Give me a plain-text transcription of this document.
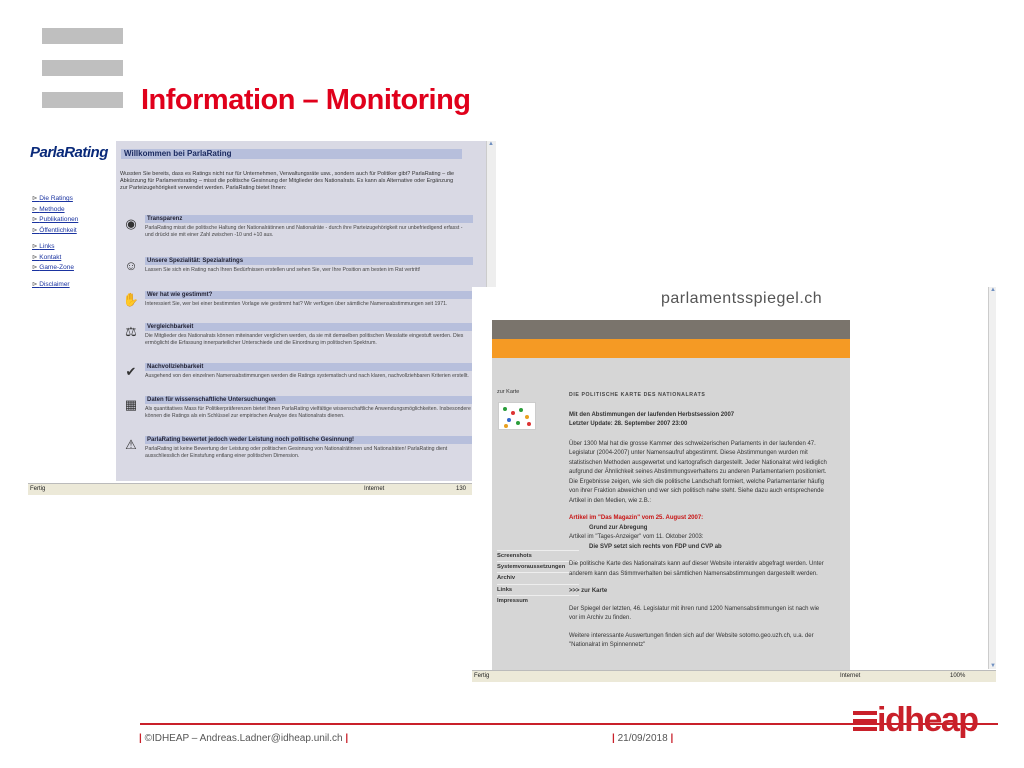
Information – Monitoring
ParlaRating
⊳ Die Ratings
⊳ Methode
⊳ Publikationen
⊳ Öffentlichkeit
⊳ Links
⊳ Kontakt
⊳ Game-Zone
⊳ Disclaimer
Willkommen bei ParlaRating
Wussten Sie bereits, dass es Ratings nicht nur für Unternehmen, Verwaltungsräte usw., sondern auch für Politiker gibt? ParlaRating – die Abkürzung für Parlamentsrating – misst die politische Gesinnung der Mitglieder des Nationalrats. Es kann als Alternative oder Ergänzung zur Parteizugehörigkeit verwendet werden. ParlaRating bietet Ihnen:
◉	Transparenz
ParlaRating misst die politische Haltung der Nationalrätinnen und Nationalräte - durch ihre Parteizugehörigkeit nur unbefriedigend erfasst - und drückt sie mit einer Zahl zwischen -10 und +10 aus.
☺	Unsere Spezialität: Spezialratings
Lassen Sie sich ein Rating nach Ihren Bedürfnissen erstellen und sehen Sie, wer Ihre Position am besten im Rat vertritt!
✋	Wer hat wie gestimmt?
Interessiert Sie, wer bei einer bestimmten Vorlage wie gestimmt hat? Wir verfügen über sämtliche Namensabstimmungen seit 1971.
⚖	Vergleichbarkeit
Die Mitglieder des Nationalrats können miteinander verglichen werden, da sie mit demselben politischen Messlatte eingestuft werden. Dies ermöglicht die Erfassung innerparteilicher Unterschiede und die Einordnung im politischen Spektrum.
✔	Nachvollziehbarkeit
Ausgehend von den einzelnen Namensabstimmungen werden die Ratings systematisch und nach klaren, nachvollziehbaren Kriterien erstellt.
▦	Daten für wissenschaftliche Untersuchungen
Als quantitatives Mass für Politikerpräferenzen bietet Ihnen ParlaRating vielfältige wissenschaftliche Anwendungsmöglichkeiten. Insbesondere können die Ratings als ein Schlüssel zur empirischen Analyse des Nationalrats dienen.
⚠	ParlaRating bewertet jedoch weder Leistung noch politische Gesinnung!
ParlaRating ist keine Bewertung der Leistung oder politischen Gesinnung von Nationalrätinnen und Nationalräten! ParlaRating dient ausschliesslich der Einstufung entlang einer politischen Dimension.
▲
Fertig	Internet	130
parlamentsspiegel.ch
zur Karte
Screenshots
Systemvoraussetzungen
Archiv
Links
Impressum

DIE POLITISCHE KARTE DES NATIONALRATS

Mit den Abstimmungen der laufenden Herbstsession 2007
Letzter Update: 28. September 2007 23:00

Über 1300 Mal hat die grosse Kammer des schweizerischen Parlaments in der laufenden 47. Legislatur (2004-2007) unter Namensaufruf abgestimmt. Diese Abstimmungen wurden mit statistischen Methoden ausgewertet und kartografisch dargestellt. Jeder Nationalrat wird lediglich aufgrund der Ähnlichkeit seines Abstimmungsverhaltens zu anderen Parlamentariern positioniert. Die Ergebnisse zeigen, wie sich die politische Landschaft formiert, welche Parlamentarier häufig von ihrer Fraktion abweichen und wer sich politisch nahe steht. Siehe dazu auch entsprechende Artikel in den Medien, wie z.B.:

Artikel im "Das Magazin" vom 25. August 2007:
Grund zur Abregung
Artikel im "Tages-Anzeiger" vom 11. Oktober 2003:
Die SVP setzt sich rechts von FDP und CVP ab

Die politische Karte des Nationalrats kann auf dieser Website interaktiv abgefragt werden. Unter anderem kann das Stimmverhalten bei sämtlichen Namensabstimmungen dargestellt werden.

>>> zur Karte

Der Spiegel der letzten, 46. Legislatur mit ihren rund 1200 Namensabstimmungen ist nach wie vor im Archiv zu finden.

Weitere interessante Auswertungen finden sich auf der Website sotomo.geo.uzh.ch, u.a. der "Nationalrat im Spinnennetz"

▲ ▼
Fertig	Internet	100%
| ©IDHEAP – Andreas.Ladner@idheap.unil.ch |	| 21/09/2018 |	idheap
